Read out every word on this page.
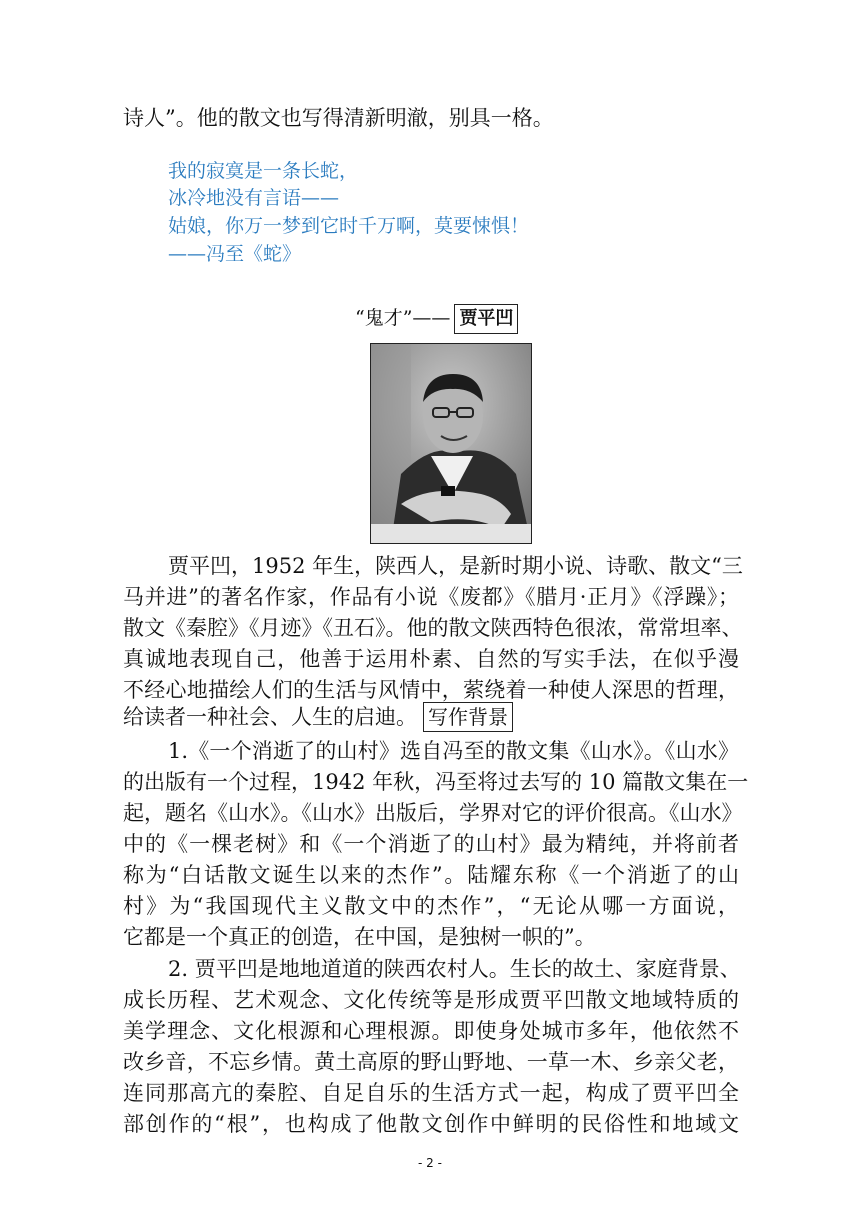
诗人”。他的散文也写得清新明澈，别具一格。
我的寂寞是一条长蛇，
冰冷地没有言语——
姑娘，你万一梦到它时千万啊，莫要悚惧！
——冯至《蛇》
“鬼才”—— 贾平凹
贾平凹，1952 年生，陕西人，是新时期小说、诗歌、散文“三
马并进”的著名作家，作品有小说《废都》《腊月·正月》《浮躁》；
散文《秦腔》《月迹》《丑石》。他的散文陕西特色很浓，常常坦率、
真诚地表现自己，他善于运用朴素、自然的写实手法，在似乎漫
不经心地描绘人们的生活与风情中，萦绕着一种使人深思的哲理，
给读者一种社会、人生的启迪。 写作背景
1.《一个消逝了的山村》选自冯至的散文集《山水》。《山水》
的出版有一个过程，1942 年秋，冯至将过去写的 10 篇散文集在一
起，题名《山水》。《山水》出版后，学界对它的评价很高。《山水》
中的《一棵老树》和《一个消逝了的山村》最为精纯，并将前者
称为“白话散文诞生以来的杰作”。陆耀东称《一个消逝了的山
村》为“我国现代主义散文中的杰作”，“无论从哪一方面说，
它都是一个真正的创造，在中国，是独树一帜的”。
2. 贾平凹是地地道道的陕西农村人。生长的故土、家庭背景、
成长历程、艺术观念、文化传统等是形成贾平凹散文地域特质的
美学理念、文化根源和心理根源。即使身处城市多年，他依然不
改乡音，不忘乡情。黄土高原的野山野地、一草一木、乡亲父老，
连同那高亢的秦腔、自足自乐的生活方式一起，构成了贾平凹全
部创作的“根”，也构成了他散文创作中鲜明的民俗性和地域文
- 2 -
